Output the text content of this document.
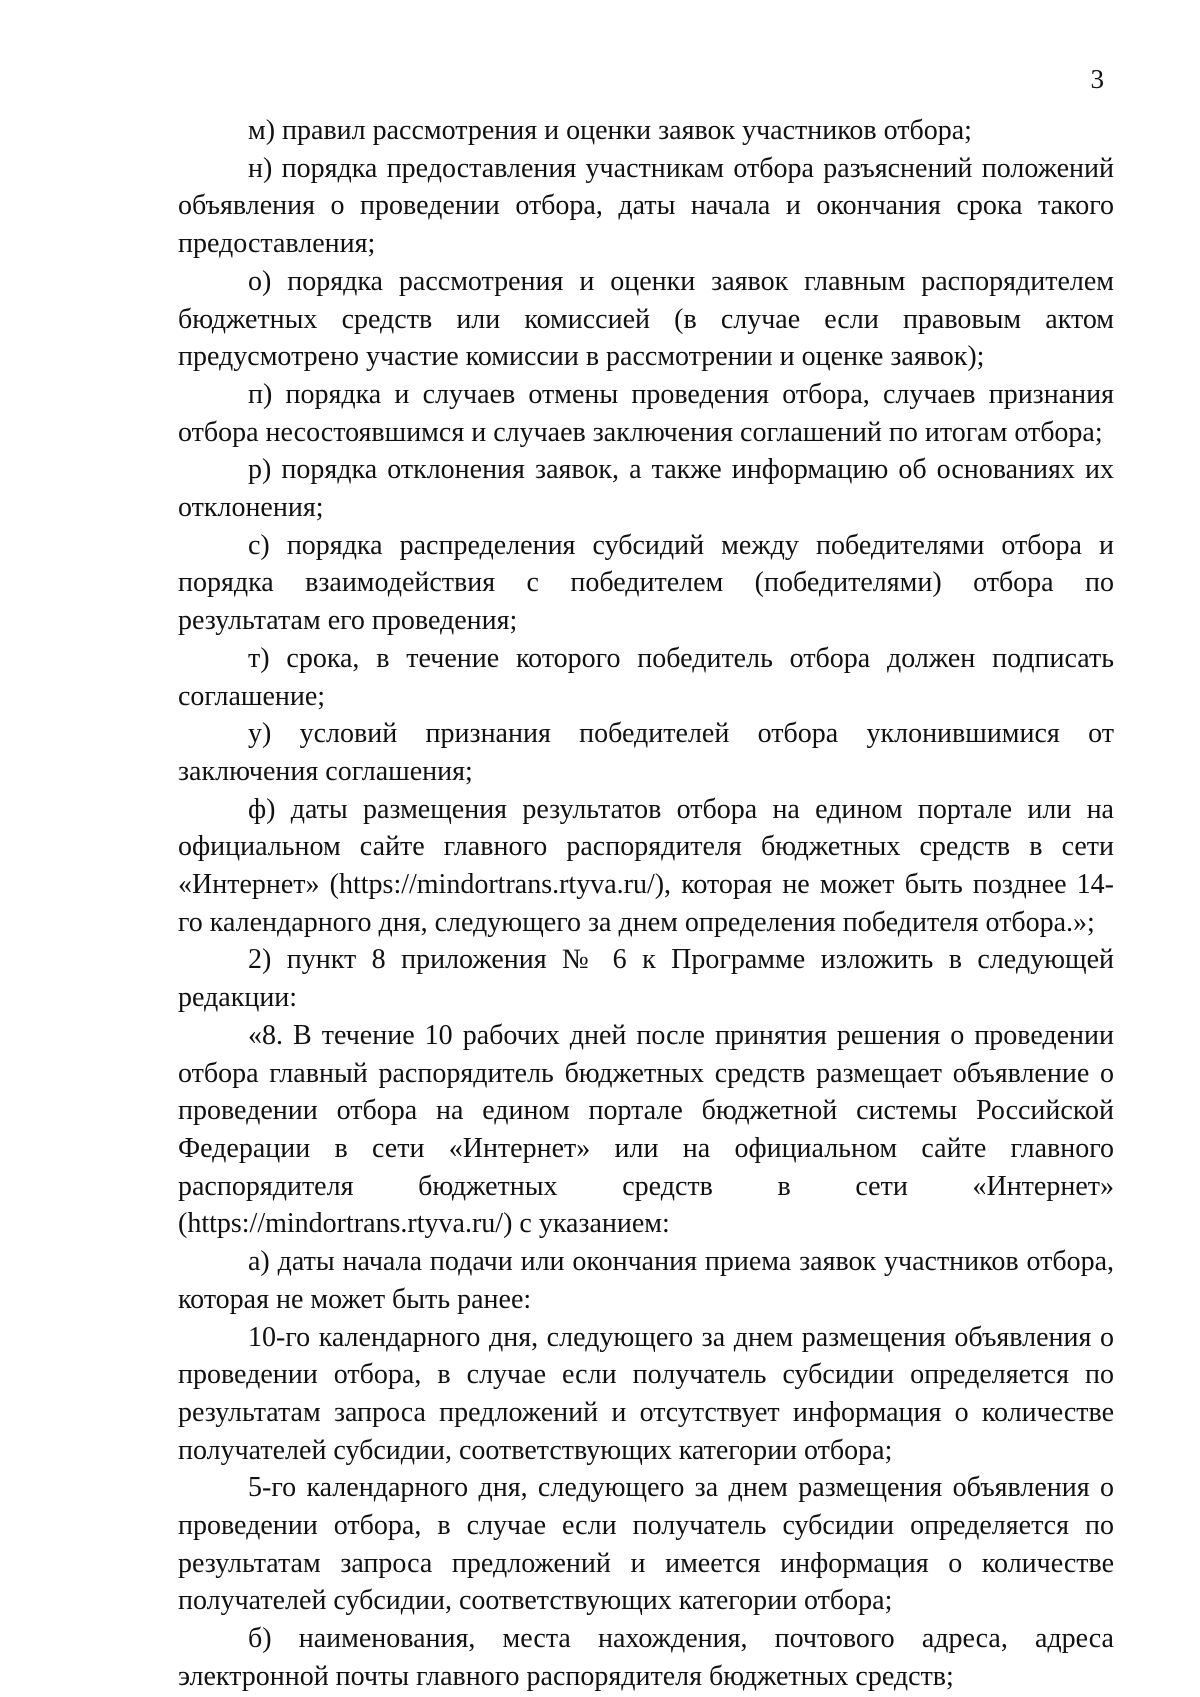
3

м) правил рассмотрения и оценки заявок участников отбора;

н) порядка предоставления участникам отбора разъяснений положений объявления о проведении отбора, даты начала и окончания срока такого предоставления;

о) порядка рассмотрения и оценки заявок главным распорядителем бюджетных средств или комиссией (в случае если правовым актом предусмотрено участие комиссии в рассмотрении и оценке заявок);

п) порядка и случаев отмены проведения отбора, случаев признания отбора несостоявшимся и случаев заключения соглашений по итогам отбора;

р) порядка отклонения заявок, а также информацию об основаниях их отклонения;

с) порядка распределения субсидий между победителями отбора и порядка взаимодействия с победителем (победителями) отбора по результатам его проведения;

т) срока, в течение которого победитель отбора должен подписать соглашение;

у) условий признания победителей отбора уклонившимися от заключения соглашения;

ф) даты размещения результатов отбора на едином портале или на официальном сайте главного распорядителя бюджетных средств в сети «Интернет» (https://mindortrans.rtyva.ru/), которая не может быть позднее 14-го календарного дня, следующего за днем определения победителя отбора.»;

2) пункт 8 приложения № 6 к Программе изложить в следующей редакции:

«8. В течение 10 рабочих дней после принятия решения о проведении отбора главный распорядитель бюджетных средств размещает объявление о проведении отбора на едином портале бюджетной системы Российской Федерации в сети «Интернет» или на официальном сайте главного распорядителя бюджетных средств в сети «Интернет» (https://mindortrans.rtyva.ru/) с указанием:

а) даты начала подачи или окончания приема заявок участников отбора, которая не может быть ранее:

10-го календарного дня, следующего за днем размещения объявления о проведении отбора, в случае если получатель субсидии определяется по результатам запроса предложений и отсутствует информация о количестве получателей субсидии, соответствующих категории отбора;

5-го календарного дня, следующего за днем размещения объявления о проведении отбора, в случае если получатель субсидии определяется по результатам запроса предложений и имеется информация о количестве получателей субсидии, соответствующих категории отбора;

б) наименования, места нахождения, почтового адреса, адреса электронной почты главного распорядителя бюджетных средств;
